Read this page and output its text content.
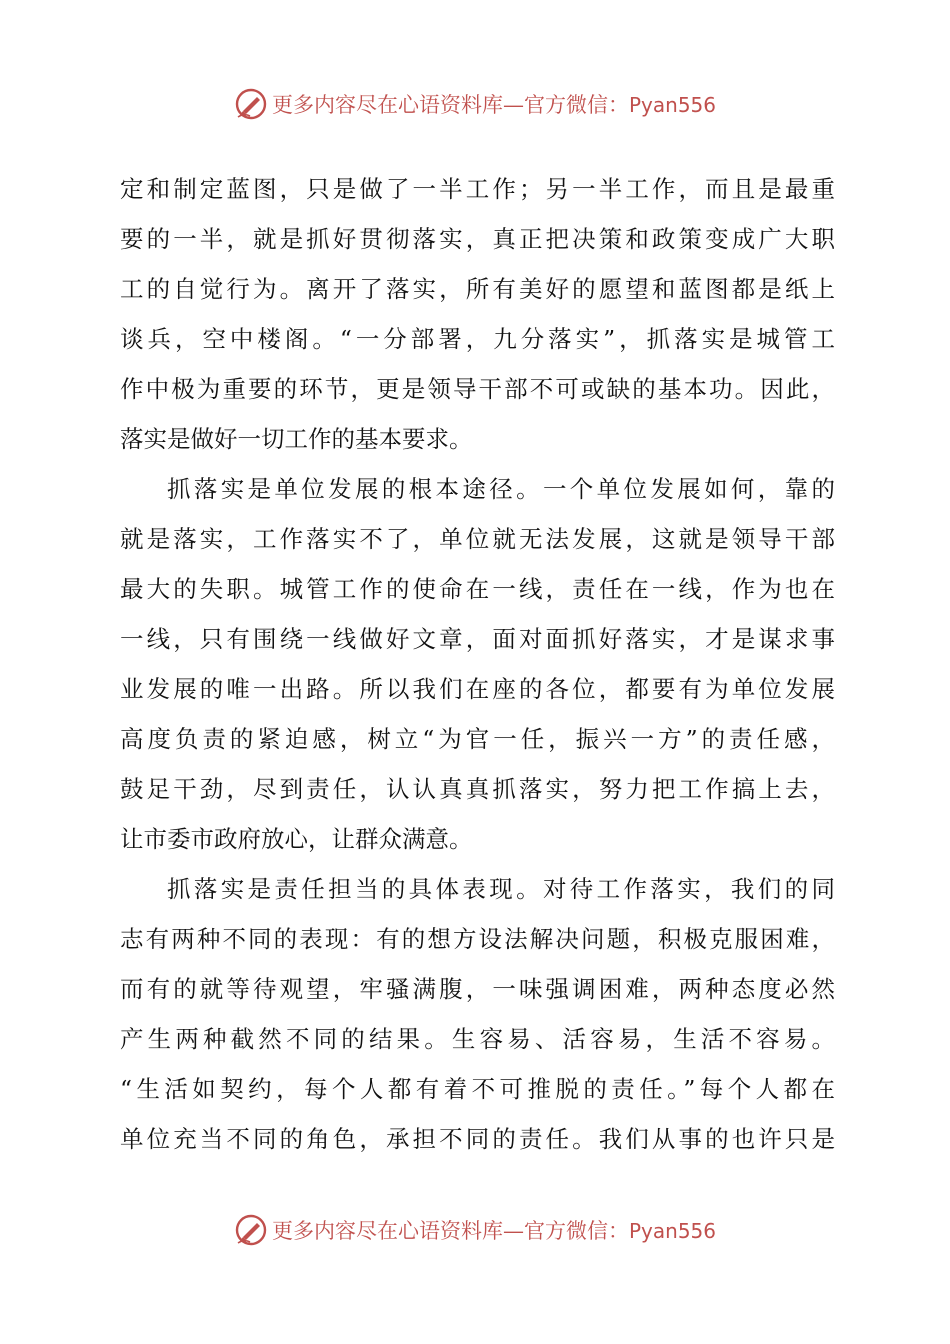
更多内容尽在心语资料库—官方微信：Pyan556
定和制定蓝图，只是做了一半工作；另一半工作，而且是最重
要的一半，就是抓好贯彻落实，真正把决策和政策变成广大职
工的自觉行为。离开了落实，所有美好的愿望和蓝图都是纸上
谈兵，空中楼阁。“一分部署，九分落实”，抓落实是城管工
作中极为重要的环节，更是领导干部不可或缺的基本功。因此，
落实是做好一切工作的基本要求。
抓落实是单位发展的根本途径。一个单位发展如何，靠的
就是落实，工作落实不了，单位就无法发展，这就是领导干部
最大的失职。城管工作的使命在一线，责任在一线，作为也在
一线，只有围绕一线做好文章，面对面抓好落实，才是谋求事
业发展的唯一出路。所以我们在座的各位，都要有为单位发展
高度负责的紧迫感，树立“为官一任，振兴一方”的责任感，
鼓足干劲，尽到责任，认认真真抓落实，努力把工作搞上去，
让市委市政府放心，让群众满意。
抓落实是责任担当的具体表现。对待工作落实，我们的同
志有两种不同的表现：有的想方设法解决问题，积极克服困难，
而有的就等待观望，牢骚满腹，一味强调困难，两种态度必然
产生两种截然不同的结果。生容易、活容易，生活不容易。
“生活如契约，每个人都有着不可推脱的责任。”每个人都在
单位充当不同的角色，承担不同的责任。我们从事的也许只是
更多内容尽在心语资料库—官方微信：Pyan556
